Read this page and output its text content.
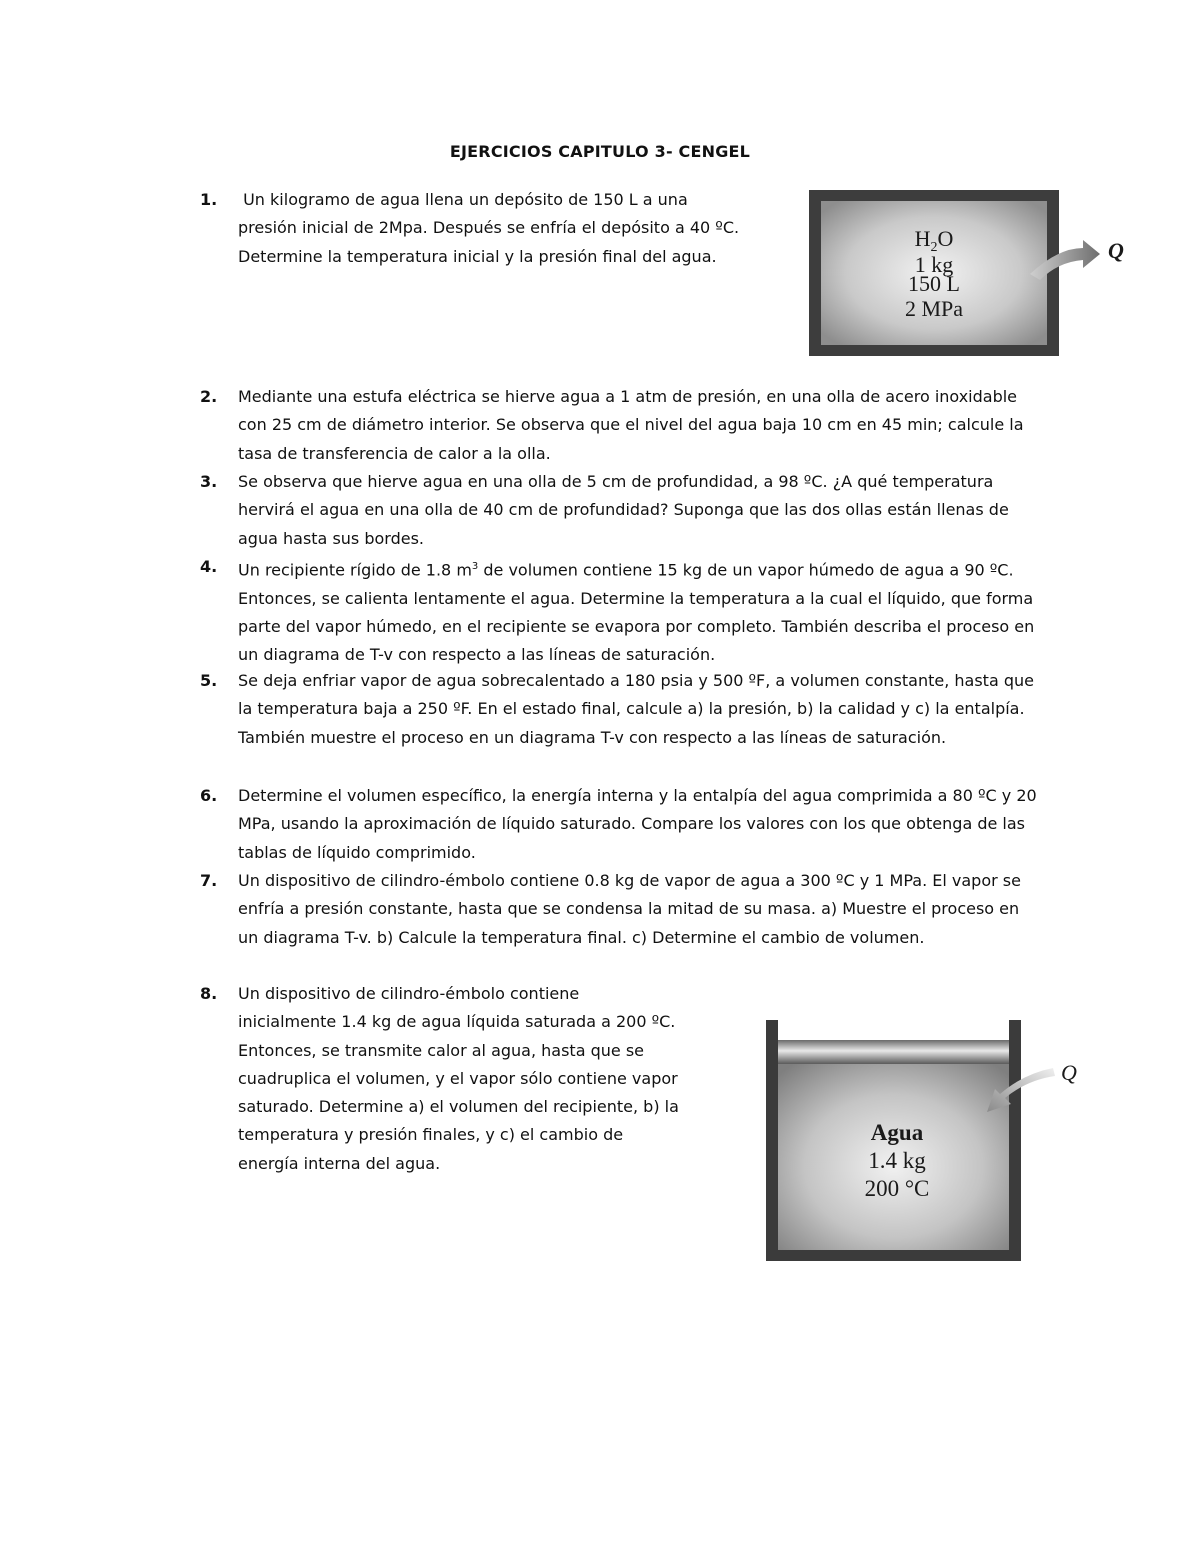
EJERCICIOS CAPITULO 3- CENGEL
1.	Un kilogramo de agua llena un depósito de 150 L a una presión inicial de 2Mpa. Después se enfría el depósito a 40 ºC. Determine la temperatura inicial y la presión final del agua.
$H_2O$
1 kg
150 L
2 MPa
Q
2.	Mediante una estufa eléctrica se hierve agua a 1 atm de presión, en una olla de acero inoxidable con 25 cm de diámetro interior. Se observa que el nivel del agua baja 10 cm en 45 min; calcule la tasa de transferencia de calor a la olla.
3.	Se observa que hierve agua en una olla de 5 cm de profundidad, a 98 ºC. ¿A qué temperatura hervirá el agua en una olla de 40 cm de profundidad? Suponga que las dos ollas están llenas de agua hasta sus bordes.
4.	Un recipiente rígido de 1.8 $m^3$ de volumen contiene 15 kg de un vapor húmedo de agua a 90 ºC. Entonces, se calienta lentamente el agua. Determine la temperatura a la cual el líquido, que forma parte del vapor húmedo, en el recipiente se evapora por completo. También describa el proceso en un diagrama de T-v con respecto a las líneas de saturación.
5.	Se deja enfriar vapor de agua sobrecalentado a 180 psia y 500 ºF, a volumen constante, hasta que la temperatura baja a 250 ºF. En el estado final, calcule a) la presión, b) la calidad y c) la entalpía. También muestre el proceso en un diagrama T-v con respecto a las líneas de saturación.
6.	Determine el volumen específico, la energía interna y la entalpía del agua comprimida a 80 ºC y 20 MPa, usando la aproximación de líquido saturado. Compare los valores con los que obtenga de las tablas de líquido comprimido.
7.	Un dispositivo de cilindro-émbolo contiene 0.8 kg de vapor de agua a 300 ºC y 1 MPa. El vapor se enfría a presión constante, hasta que se condensa la mitad de su masa. a) Muestre el proceso en un diagrama T-v. b) Calcule la temperatura final. c) Determine el cambio de volumen.
8.	Un dispositivo de cilindro-émbolo contiene inicialmente 1.4 kg de agua líquida saturada a 200 ºC. Entonces, se transmite calor al agua, hasta que se cuadruplica el volumen, y el vapor sólo contiene vapor saturado. Determine a) el volumen del recipiente, b) la temperatura y presión finales, y c) el cambio de energía interna del agua.
Agua
1.4 kg
200 °C
Q
